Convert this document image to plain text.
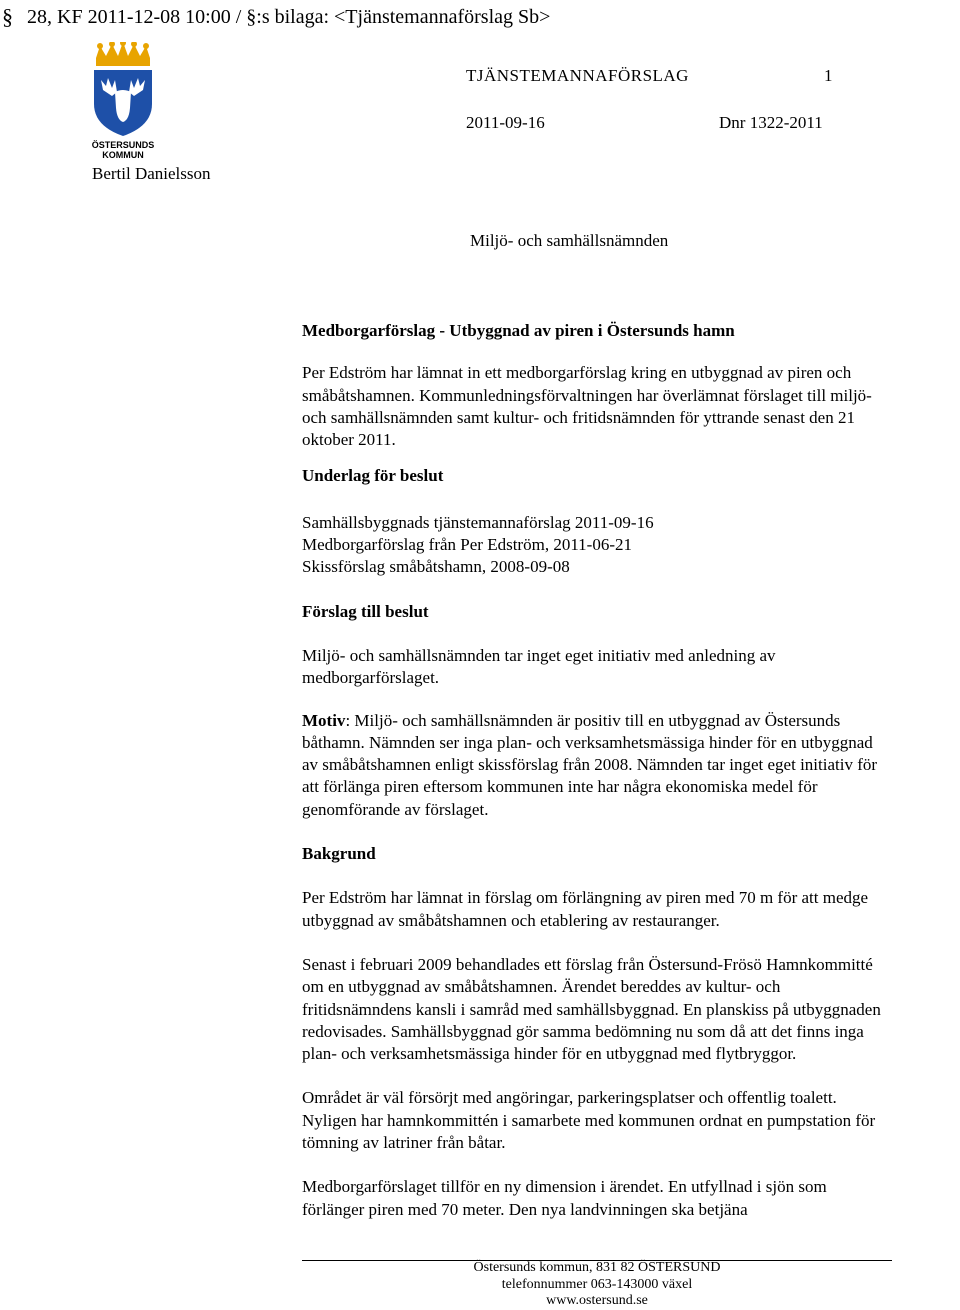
§ 28, KF 2011-12-08 10:00 / §:s bilaga: <Tjänstemannaförslag Sb>
ÖSTERSUNDS
KOMMUN
TJÄNSTEMANNAFÖRSLAG	1
2011-09-16	Dnr 1322-2011
Bertil Danielsson
Miljö- och samhällsnämnden

Medborgarförslag - Utbyggnad av piren i Östersunds hamn

Per Edström har lämnat in ett medborgarförslag kring en utbyggnad av piren och småbåtshamnen. Kommunledningsförvaltningen har överlämnat förslaget till miljö- och samhällsnämnden samt kultur- och fritidsnämnden för yttrande senast den 21 oktober 2011.

Underlag för beslut

Samhällsbyggnads tjänstemannaförslag 2011-09-16

Medborgarförslag från Per Edström, 2011-06-21

Skissförslag småbåtshamn, 2008-09-08

Förslag till beslut

Miljö- och samhällsnämnden tar inget eget initiativ med anledning av medborgarförslaget.

Motiv: Miljö- och samhällsnämnden är positiv till en utbyggnad av Östersunds båthamn. Nämnden ser inga plan- och verksamhetsmässiga hinder för en utbyggnad av småbåtshamnen enligt skissförslag från 2008. Nämnden tar inget eget initiativ för att förlänga piren eftersom kommunen inte har några ekonomiska medel för genomförande av förslaget.

Bakgrund

Per Edström har lämnat in förslag om förlängning av piren med 70 m för att medge utbyggnad av småbåtshamnen och etablering av restauranger.

Senast i februari 2009 behandlades ett förslag från Östersund-Frösö Hamnkommitté om en utbyggnad av småbåtshamnen. Ärendet bereddes av kultur- och fritidsnämndens kansli i samråd med samhällsbyggnad. En planskiss på utbyggnaden redovisades. Samhällsbyggnad gör samma bedömning nu som då att det finns inga plan- och verksamhetsmässiga hinder för en utbyggnad med flytbryggor.

Området är väl försörjt med angöringar, parkeringsplatser och offentlig toalett. Nyligen har hamnkommittén i samarbete med kommunen ordnat en pumpstation för tömning av latriner från båtar.

Medborgarförslaget tillför en ny dimension i ärendet. En utfyllnad i sjön som förlänger piren med 70 meter. Den nya landvinningen ska betjäna

Östersunds kommun, 831 82 ÖSTERSUND
telefonnummer 063-143000 växel
www.ostersund.se
